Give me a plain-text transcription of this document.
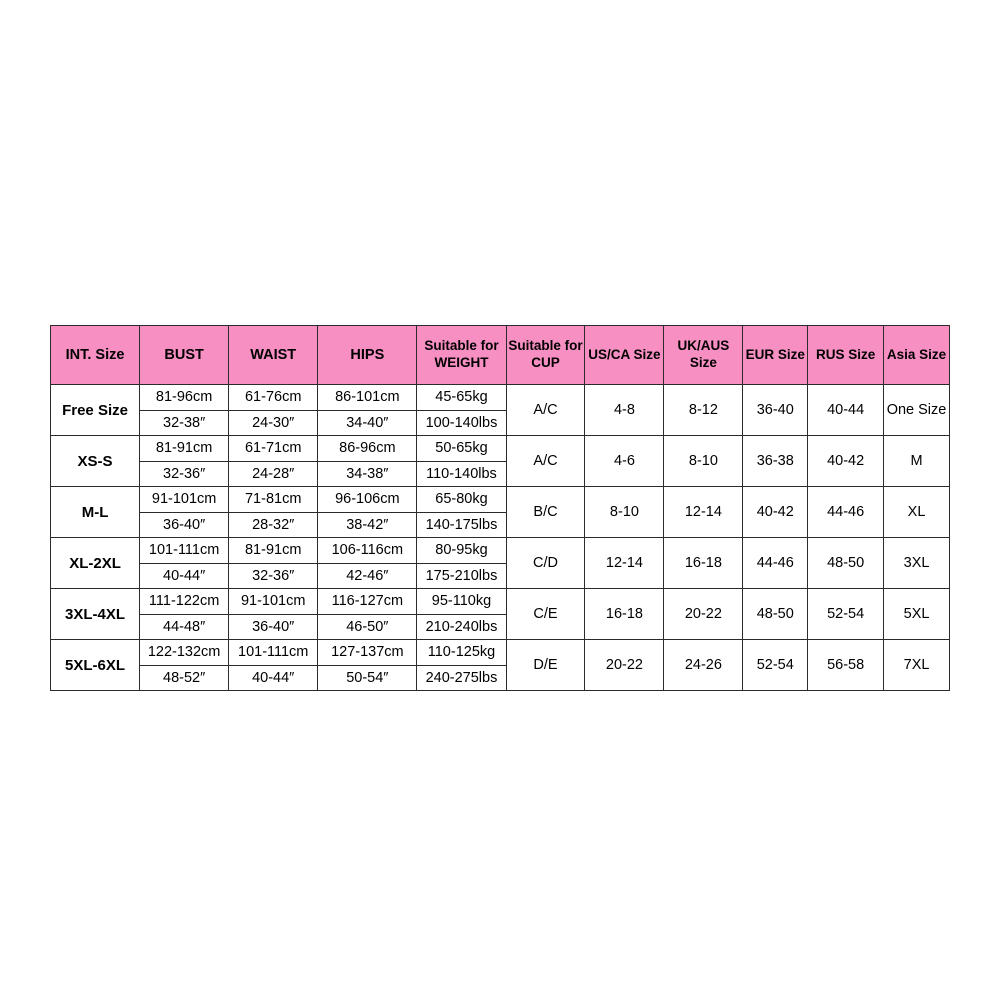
INT. Size	BUST	WAIST	HIPS	Suitable for WEIGHT	Suitable for CUP	US/CA Size	UK/AUS Size	EUR Size	RUS Size	Asia Size
Free Size	81-96cm	61-76cm	86-101cm	45-65kg	A/C	4-8	8-12	36-40	40-44	One Size
	32-38″	24-30″	34-40″	100-140lbs						
XS-S	81-91cm	61-71cm	86-96cm	50-65kg	A/C	4-6	8-10	36-38	40-42	M
	32-36″	24-28″	34-38″	110-140lbs						
M-L	91-101cm	71-81cm	96-106cm	65-80kg	B/C	8-10	12-14	40-42	44-46	XL
	36-40″	28-32″	38-42″	140-175lbs						
XL-2XL	101-111cm	81-91cm	106-116cm	80-95kg	C/D	12-14	16-18	44-46	48-50	3XL
	40-44″	32-36″	42-46″	175-210lbs						
3XL-4XL	111-122cm	91-101cm	116-127cm	95-110kg	C/E	16-18	20-22	48-50	52-54	5XL
	44-48″	36-40″	46-50″	210-240lbs						
5XL-6XL	122-132cm	101-111cm	127-137cm	110-125kg	D/E	20-22	24-26	52-54	56-58	7XL
	48-52″	40-44″	50-54″	240-275lbs						
